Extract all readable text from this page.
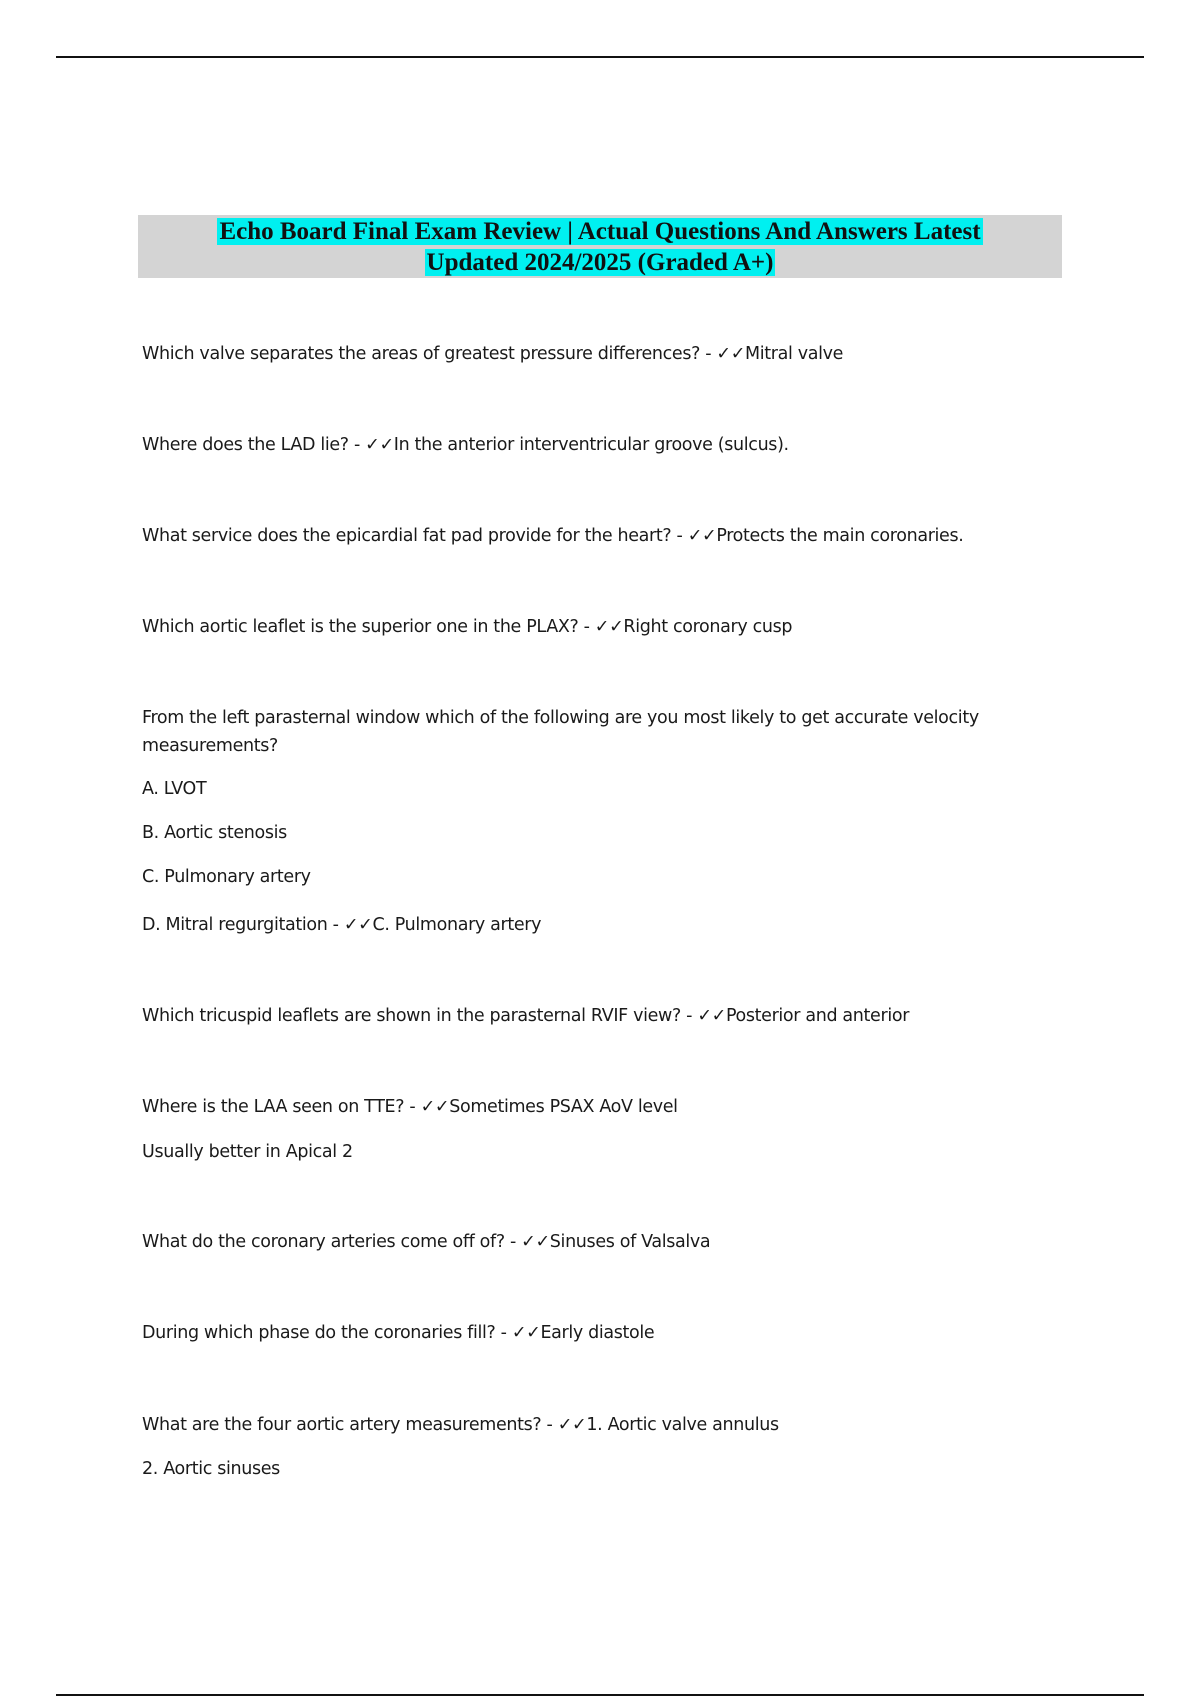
Echo Board Final Exam Review | Actual Questions And Answers Latest
Updated 2024/2025 (Graded A+)

Which valve separates the areas of greatest pressure differences? - ✓✓Mitral valve

Where does the LAD lie? - ✓✓In the anterior interventricular groove (sulcus).

What service does the epicardial fat pad provide for the heart? - ✓✓Protects the main coronaries.

Which aortic leaflet is the superior one in the PLAX? - ✓✓Right coronary cusp

From the left parasternal window which of the following are you most likely to get accurate velocity measurements?

A. LVOT

B. Aortic stenosis

C. Pulmonary artery

D. Mitral regurgitation - ✓✓C. Pulmonary artery

Which tricuspid leaflets are shown in the parasternal RVIF view? - ✓✓Posterior and anterior

Where is the LAA seen on TTE? - ✓✓Sometimes PSAX AoV level

Usually better in Apical 2

What do the coronary arteries come off of? - ✓✓Sinuses of Valsalva

During which phase do the coronaries fill? - ✓✓Early diastole

What are the four aortic artery measurements? - ✓✓1. Aortic valve annulus

2. Aortic sinuses
